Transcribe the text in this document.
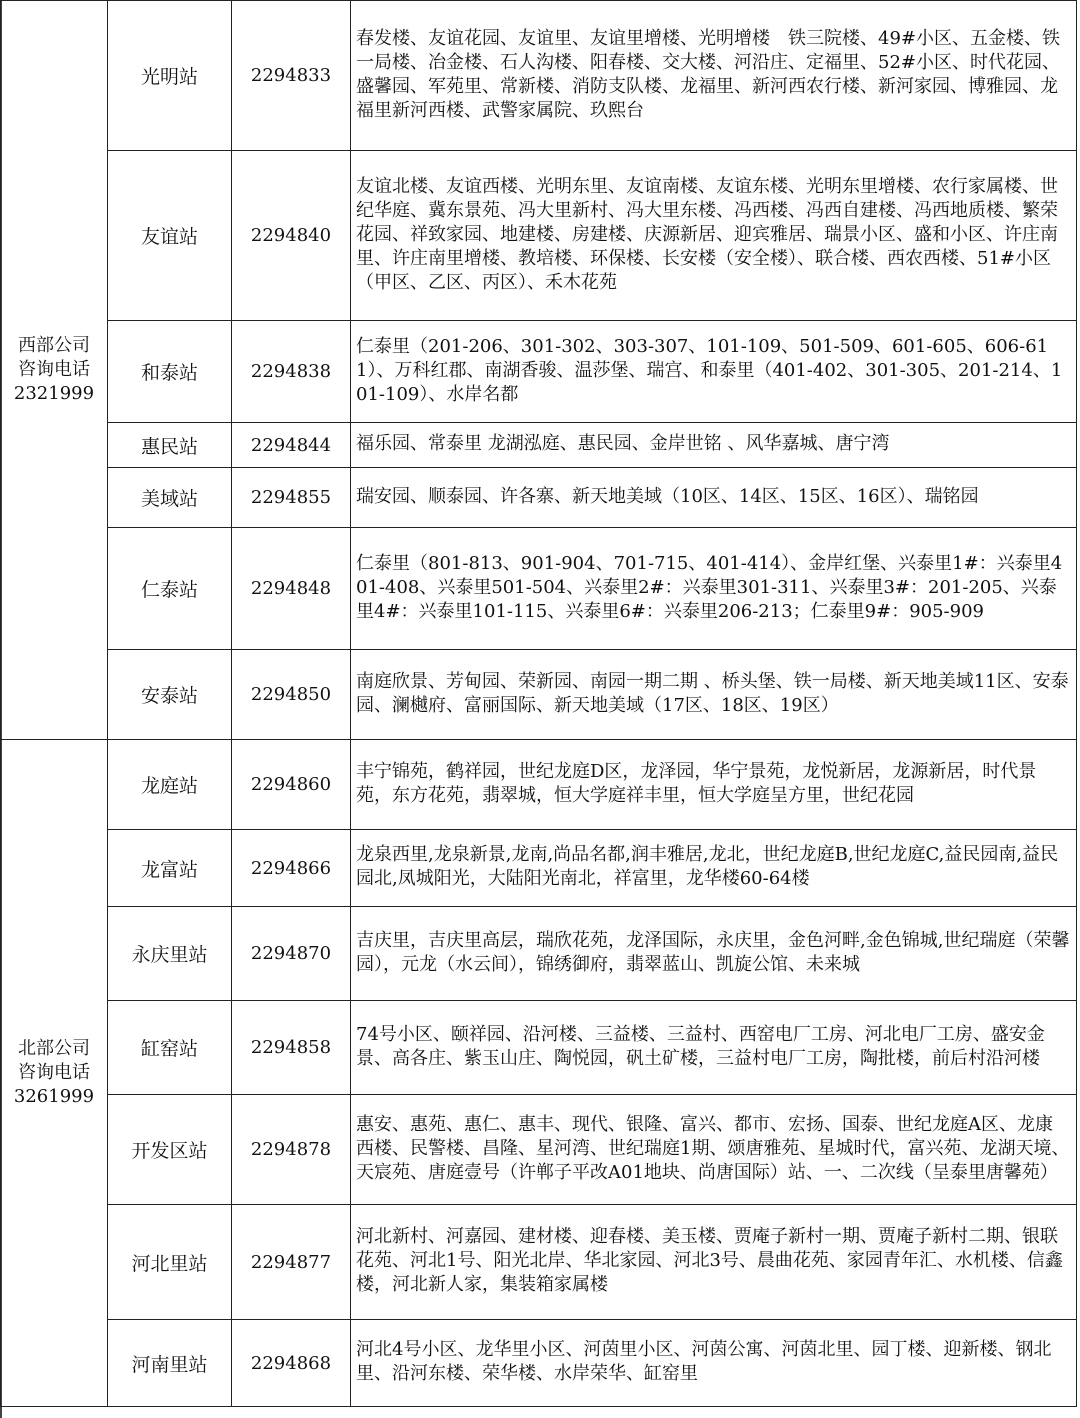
西部公司
咨询电话
2321999	光明站	2294833	春发楼、友谊花园、友谊里、友谊里增楼、光明增楼　铁三院楼、49#小区、五金楼、铁一局楼、冶金楼、石人沟楼、阳春楼、交大楼、河沿庄、定福里、52#小区、时代花园、盛馨园、军苑里、常新楼、消防支队楼、龙福里、新河西农行楼、新河家园、博雅园、龙福里新河西楼、武警家属院、玖熙台
	友谊站	2294840	友谊北楼、友谊西楼、光明东里、友谊南楼、友谊东楼、光明东里增楼、农行家属楼、世纪华庭、冀东景苑、冯大里新村、冯大里东楼、冯西楼、冯西自建楼、冯西地质楼、繁荣花园、祥致家园、地建楼、房建楼、庆源新居、迎宾雅居、瑞景小区、盛和小区、许庄南里、许庄南里增楼、教培楼、环保楼、长安楼（安全楼）、联合楼、西农西楼、51#小区（甲区、乙区、丙区）、禾木花苑
	和泰站	2294838	仁泰里（201-206、301-302、303-307、101-109、501-509、601-605、606-611）、万科红郡、南湖香骏、温莎堡、瑞宫、和泰里（401-402、301-305、201-214、101-109）、水岸名都
	惠民站	2294844	福乐园、常泰里 龙湖泓庭、惠民园、金岸世铭 、风华嘉城、唐宁湾
	美域站	2294855	瑞安园、顺泰园、许各寨、新天地美域（10区、14区、15区、16区）、瑞铭园
	仁泰站	2294848	仁泰里（801-813、901-904、701-715、401-414）、金岸红堡、兴泰里1#：兴泰里401-408、兴泰里501-504、兴泰里2#：兴泰里301-311、兴泰里3#：201-205、兴泰里4#：兴泰里101-115、兴泰里6#：兴泰里206-213；仁泰里9#：905-909
	安泰站	2294850	南庭欣景、芳甸园、荣新园、南园一期二期 、桥头堡、铁一局楼、新天地美域11区、安泰园、澜樾府、富丽国际、新天地美域（17区、18区、19区）

北部公司
咨询电话
3261999	龙庭站	2294860	丰宁锦苑，鹤祥园，世纪龙庭D区，龙泽园，华宁景苑，龙悦新居，龙源新居，时代景苑，东方花苑，翡翠城，恒大学庭祥丰里，恒大学庭呈方里，世纪花园
	龙富站	2294866	龙泉西里,龙泉新景,龙南,尚品名都,润丰雅居,龙北，世纪龙庭B,世纪龙庭C,益民园南,益民园北,凤城阳光，大陆阳光南北，祥富里，龙华楼60-64楼
	永庆里站	2294870	吉庆里，吉庆里高层，瑞欣花苑，龙泽国际，永庆里，金色河畔,金色锦城,世纪瑞庭（荣馨园），元龙（水云间），锦绣御府，翡翠蓝山、凯旋公馆、未来城
	缸窑站	2294858	74号小区、颐祥园、沿河楼、三益楼、三益村、西窑电厂工房、河北电厂工房、盛安金景、高各庄、紫玉山庄、陶悦园，矾土矿楼，三益村电厂工房，陶批楼，前后村沿河楼
	开发区站	2294878	惠安、惠苑、惠仁、惠丰、现代、银隆、富兴、都市、宏扬、国泰、世纪龙庭A区、龙康西楼、民警楼、昌隆、星河湾、世纪瑞庭1期、颂唐雅苑、星城时代，富兴苑、龙湖天境、天宸苑、唐庭壹号（许郸子平改A01地块、尚唐国际）站、一、二次线（呈泰里唐馨苑）
	河北里站	2294877	河北新村、河嘉园、建材楼、迎春楼、美玉楼、贾庵子新村一期、贾庵子新村二期、银联花苑、河北1号、阳光北岸、华北家园、河北3号、晨曲花苑、家园青年汇、水机楼、信鑫楼，河北新人家，集装箱家属楼
	河南里站	2294868	河北4号小区、龙华里小区、河茵里小区、河茵公寓、河茵北里、园丁楼、迎新楼、钢北里、沿河东楼、荣华楼、水岸荣华、缸窑里
